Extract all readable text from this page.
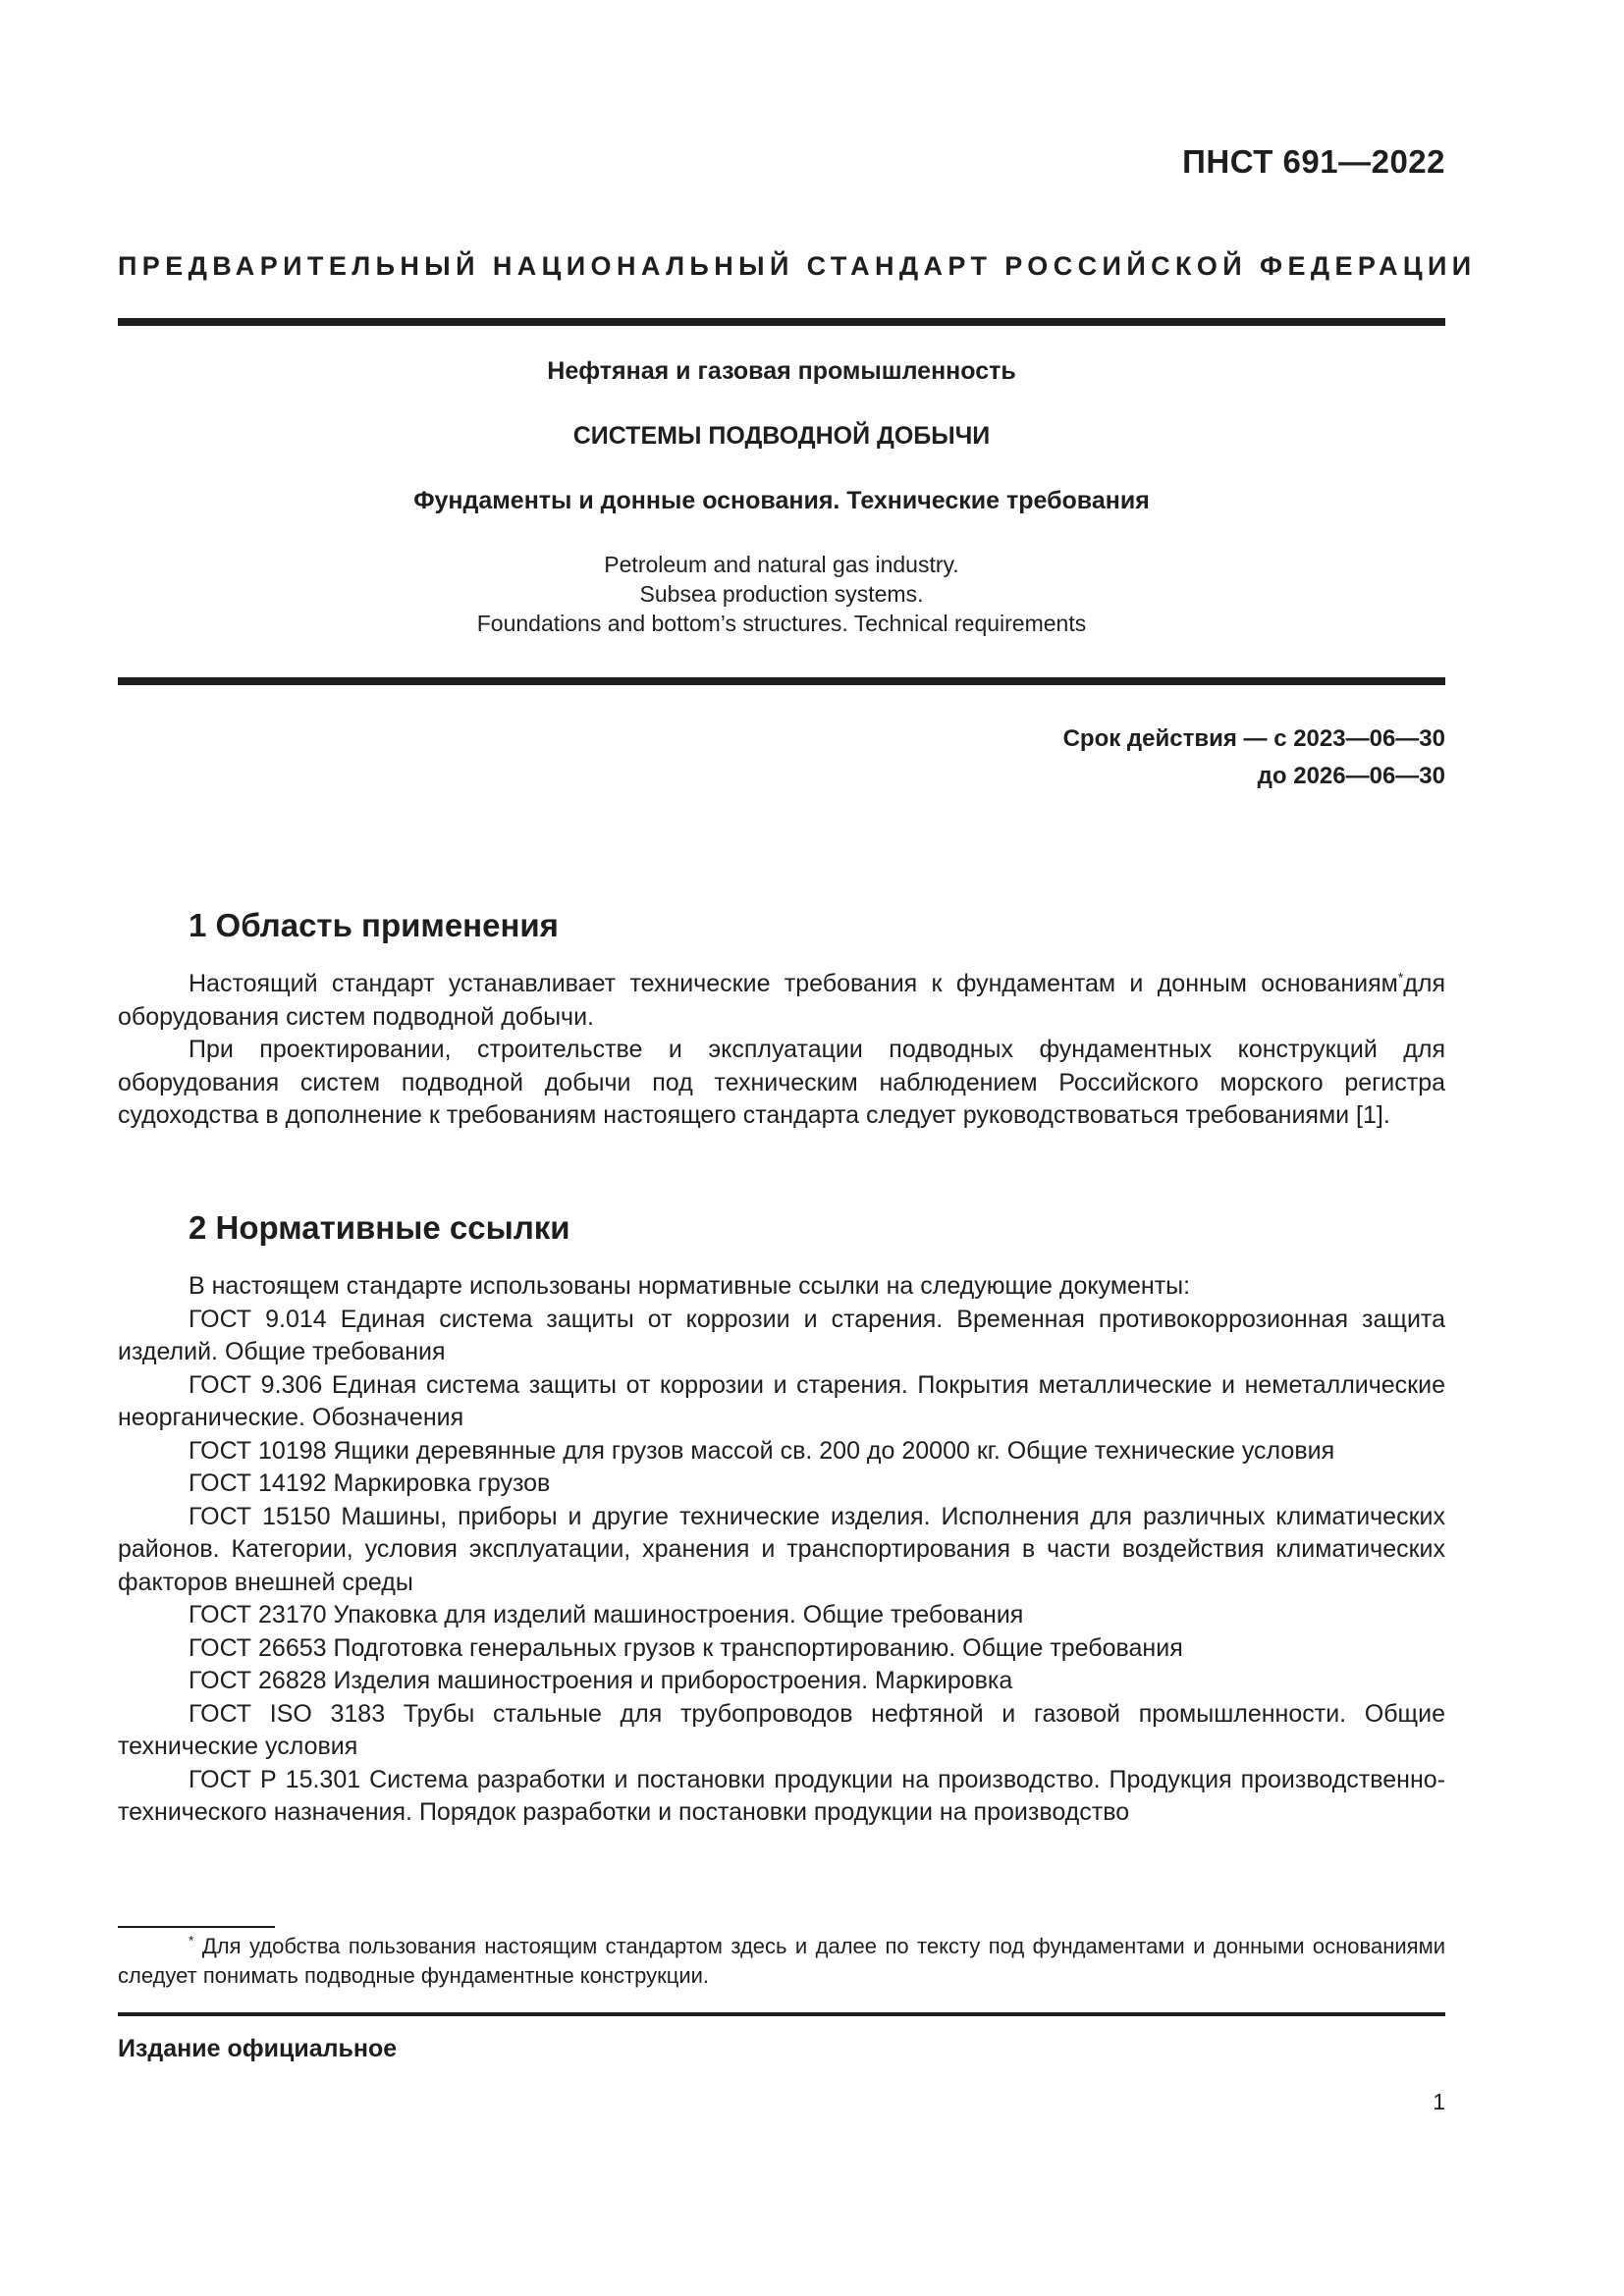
ПНСТ 691—2022
ПРЕДВАРИТЕЛЬНЫЙ НАЦИОНАЛЬНЫЙ СТАНДАРТ РОССИЙСКОЙ ФЕДЕРАЦИИ
Нефтяная и газовая промышленность
СИСТЕМЫ ПОДВОДНОЙ ДОБЫЧИ
Фундаменты и донные основания. Технические требования
Petroleum and natural gas industry.
Subsea production systems.
Foundations and bottom’s structures. Technical requirements
Срок действия — с 2023—06—30
до 2026—06—30
1 Область применения

Настоящий стандарт устанавливает технические требования к фундаментам и донным основаниям*для оборудования систем подводной добычи.

При проектировании, строительстве и эксплуатации подводных фундаментных конструкций для оборудования систем подводной добычи под техническим наблюдением Российского морского регистра судоходства в дополнение к требованиям настоящего стандарта следует руководствоваться требованиями [1].

2 Нормативные ссылки

В настоящем стандарте использованы нормативные ссылки на следующие документы:

ГОСТ 9.014 Единая система защиты от коррозии и старения. Временная противокоррозионная защита изделий. Общие требования

ГОСТ 9.306 Единая система защиты от коррозии и старения. Покрытия металлические и неметаллические неорганические. Обозначения

ГОСТ 10198 Ящики деревянные для грузов массой св. 200 до 20000 кг. Общие технические условия

ГОСТ 14192 Маркировка грузов

ГОСТ 15150 Машины, приборы и другие технические изделия. Исполнения для различных климатических районов. Категории, условия эксплуатации, хранения и транспортирования в части воздействия климатических факторов внешней среды

ГОСТ 23170 Упаковка для изделий машиностроения. Общие требования

ГОСТ 26653 Подготовка генеральных грузов к транспортированию. Общие требования

ГОСТ 26828 Изделия машиностроения и приборостроения. Маркировка

ГОСТ ISO 3183 Трубы стальные для трубопроводов нефтяной и газовой промышленности. Общие технические условия

ГОСТ Р 15.301 Система разработки и постановки продукции на производство. Продукция производственно-технического назначения. Порядок разработки и постановки продукции на производство

* Для удобства пользования настоящим стандартом здесь и далее по тексту под фундаментами и донными основаниями следует понимать подводные фундаментные конструкции.

Издание официальное
1
